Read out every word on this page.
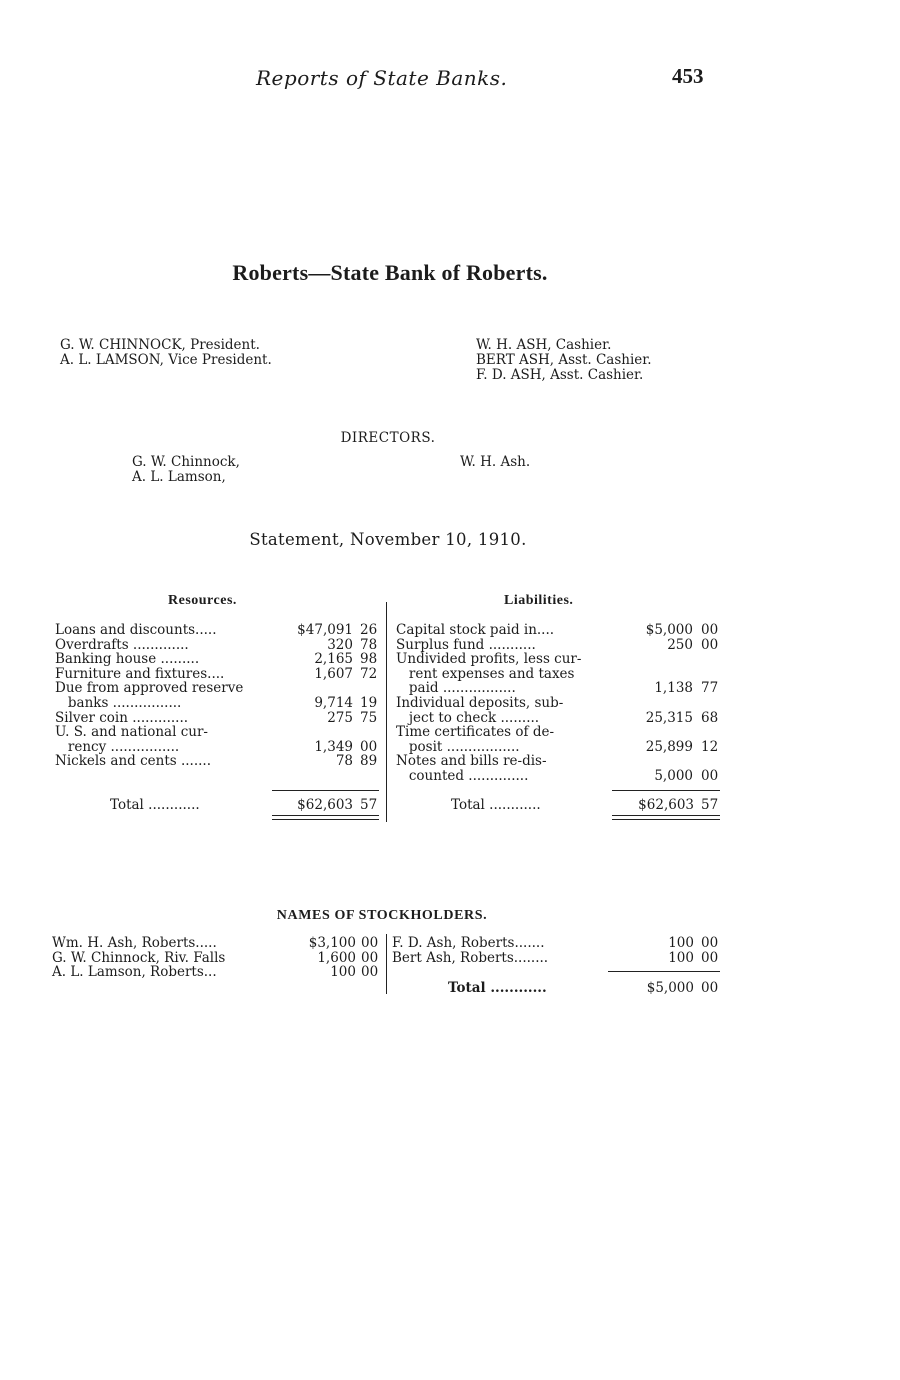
Reports of State Banks.	453
Roberts—State Bank of Roberts.
G. W. CHINNOCK, President.
A. L. LAMSON, Vice President.
W. H. ASH, Cashier.
BERT ASH, Asst. Cashier.
F. D. ASH, Asst. Cashier.
DIRECTORS.
G. W. Chinnock,
A. L. Lamson,
W. H. Ash.
Statement, November 10, 1910.
Resources.	Liabilities.
Loans and discounts.....	$47,091 26
Overdrafts .............	320 78
Banking house .........	2,165 98
Furniture and fixtures....	1,607 72
Due from approved reserve
banks ................	9,714 19
Silver coin .............	275 75
U. S. and national cur-
rency ................	1,349 00
Nickels and cents .......	78 89
Total ............	$62,603 57
Capital stock paid in....	$5,000 00
Surplus fund ...........	250 00
Undivided profits, less cur-
rent expenses and taxes
paid .................	1,138 77
Individual deposits, sub-
ject to check .........	25,315 68
Time certificates of de-
posit .................	25,899 12
Notes and bills re-dis-
counted ..............	5,000 00
Total ............	$62,603 57
NAMES OF STOCKHOLDERS.
Wm. H. Ash, Roberts.....	$3,100 00
G. W. Chinnock, Riv. Falls	1,600 00
A. L. Lamson, Roberts...	100 00
F. D. Ash, Roberts.......	100 00
Bert Ash, Roberts........	100 00
Total ............	$5,000 00
